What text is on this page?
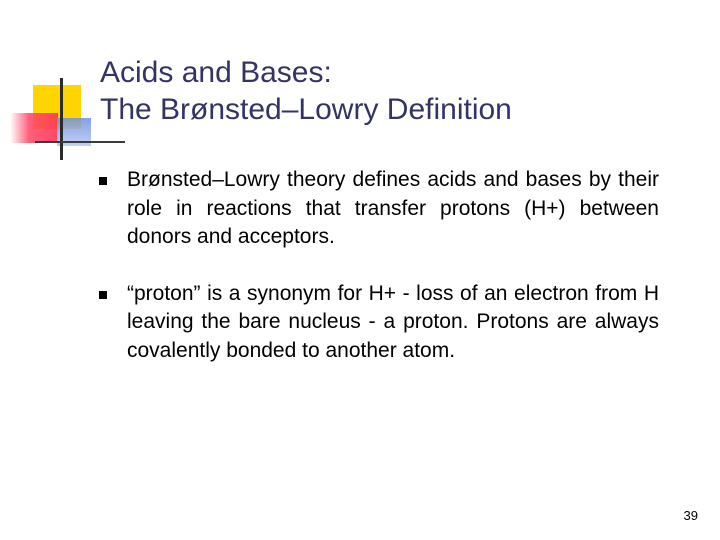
Acids and Bases:
The Brønsted–Lowry Definition
Brønsted–Lowry theory defines acids and bases by their role in reactions that transfer protons (H+) between donors and acceptors.
“proton” is a synonym for H+ - loss of an electron from H leaving the bare nucleus - a proton. Protons are always covalently bonded to another atom.
39
